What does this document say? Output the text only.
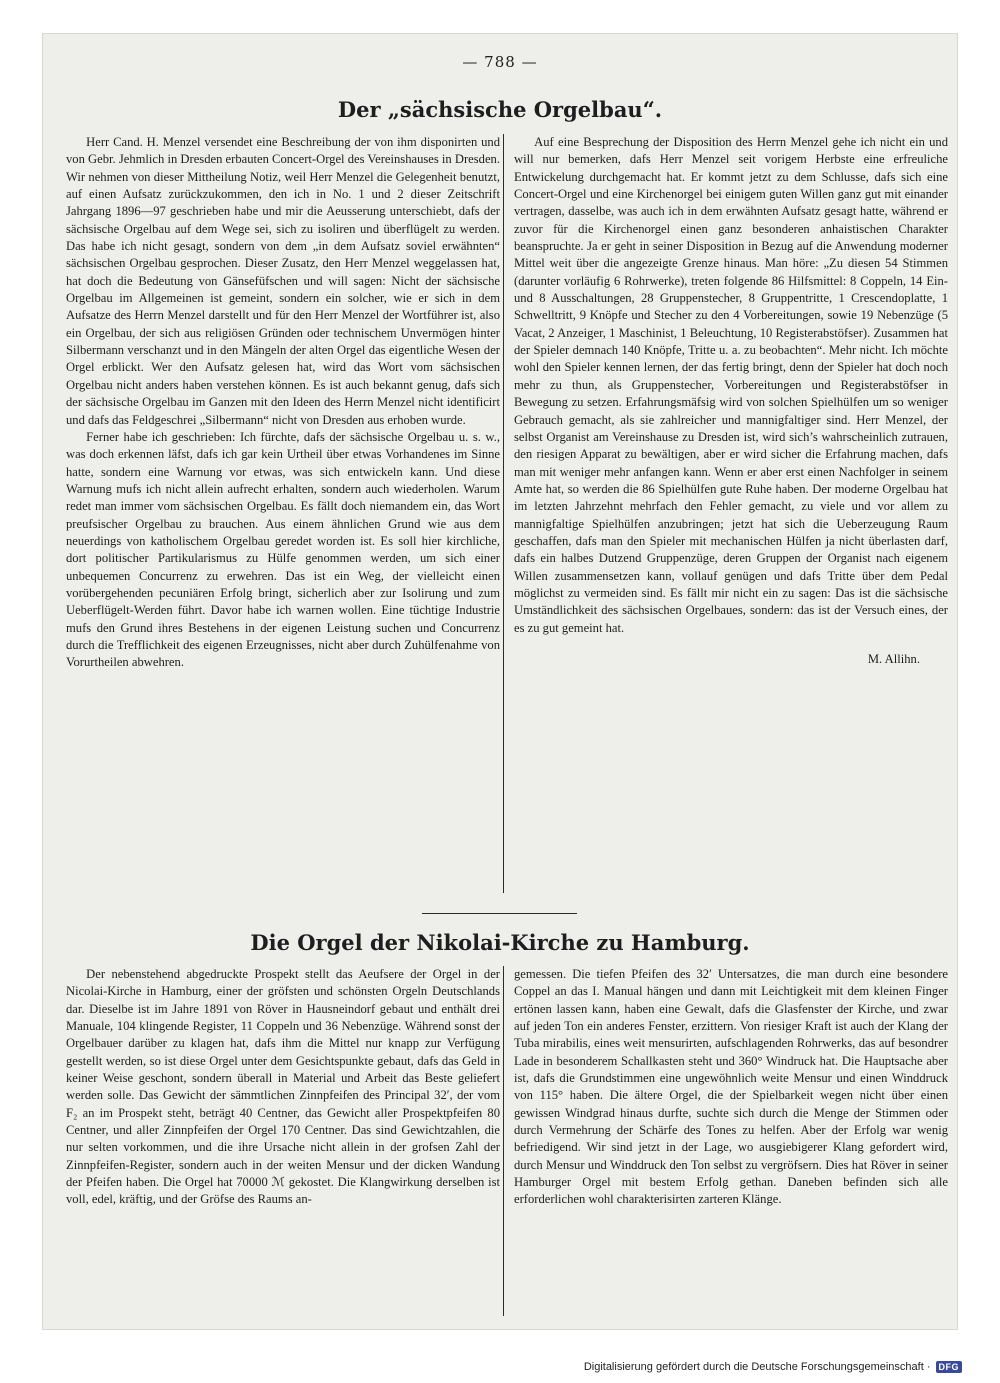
— 788 —
Der „sächsische Orgelbau“.

Herr Cand. H. Menzel versendet eine Beschreibung der von ihm disponirten und von Gebr. Jehmlich in Dresden erbauten Concert-Orgel des Vereinshauses in Dresden. Wir nehmen von dieser Mittheilung Notiz, weil Herr Menzel die Gelegenheit benutzt, auf einen Aufsatz zurückzukommen, den ich in No. 1 und 2 dieser Zeitschrift Jahrgang 1896—97 geschrieben habe und mir die Aeusserung unterschiebt, dafs der sächsische Orgelbau auf dem Wege sei, sich zu isoliren und überflügelt zu werden. Das habe ich nicht gesagt, sondern von dem „in dem Aufsatz soviel erwähnten“ sächsischen Orgelbau gesprochen. Dieser Zusatz, den Herr Menzel weggelassen hat, hat doch die Bedeutung von Gänsefüfschen und will sagen: Nicht der sächsische Orgelbau im Allgemeinen ist gemeint, sondern ein solcher, wie er sich in dem Aufsatze des Herrn Menzel darstellt und für den Herr Menzel der Wortführer ist, also ein Orgelbau, der sich aus religiösen Gründen oder technischem Unvermögen hinter Silbermann verschanzt und in den Mängeln der alten Orgel das eigentliche Wesen der Orgel erblickt. Wer den Aufsatz gelesen hat, wird das Wort vom sächsischen Orgelbau nicht anders haben verstehen können. Es ist auch bekannt genug, dafs sich der sächsische Orgelbau im Ganzen mit den Ideen des Herrn Menzel nicht identificirt und dafs das Feldgeschrei „Silbermann“ nicht von Dresden aus erhoben wurde.

Ferner habe ich geschrieben: Ich fürchte, dafs der sächsische Orgelbau u. s. w., was doch erkennen läfst, dafs ich gar kein Urtheil über etwas Vorhandenes im Sinne hatte, sondern eine Warnung vor etwas, was sich entwickeln kann. Und diese Warnung mufs ich nicht allein aufrecht erhalten, sondern auch wiederholen. Warum redet man immer vom sächsischen Orgelbau. Es fällt doch niemandem ein, das Wort preufsischer Orgelbau zu brauchen. Aus einem ähnlichen Grund wie aus dem neuerdings von katholischem Orgelbau geredet worden ist. Es soll hier kirchliche, dort politischer Partikularismus zu Hülfe genommen werden, um sich einer unbequemen Concurrenz zu erwehren. Das ist ein Weg, der vielleicht einen vorübergehenden pecuniären Erfolg bringt, sicherlich aber zur Isolirung und zum Ueberflügelt-Werden führt. Davor habe ich warnen wollen. Eine tüchtige Industrie mufs den Grund ihres Bestehens in der eigenen Leistung suchen und Concurrenz durch die Trefflichkeit des eigenen Erzeugnisses, nicht aber durch Zuhülfenahme von Vorurtheilen abwehren.

Auf eine Besprechung der Disposition des Herrn Menzel gehe ich nicht ein und will nur bemerken, dafs Herr Menzel seit vorigem Herbste eine erfreuliche Entwickelung durchgemacht hat. Er kommt jetzt zu dem Schlusse, dafs sich eine Concert-Orgel und eine Kirchenorgel bei einigem guten Willen ganz gut mit einander vertragen, dasselbe, was auch ich in dem erwähnten Aufsatz gesagt hatte, während er zuvor für die Kirchenorgel einen ganz besonderen anhaistischen Charakter beanspruchte. Ja er geht in seiner Disposition in Bezug auf die Anwendung moderner Mittel weit über die angezeigte Grenze hinaus. Man höre: „Zu diesen 54 Stimmen (darunter vorläufig 6 Rohrwerke), treten folgende 86 Hilfsmittel: 8 Coppeln, 14 Ein- und 8 Ausschaltungen, 28 Gruppenstecher, 8 Gruppentritte, 1 Crescendoplatte, 1 Schwelltritt, 9 Knöpfe und Stecher zu den 4 Vorbereitungen, sowie 19 Nebenzüge (5 Vacat, 2 Anzeiger, 1 Maschinist, 1 Beleuchtung, 10 Registerabstöfser). Zusammen hat der Spieler demnach 140 Knöpfe, Tritte u. a. zu beobachten“. Mehr nicht. Ich möchte wohl den Spieler kennen lernen, der das fertig bringt, denn der Spieler hat doch noch mehr zu thun, als Gruppenstecher, Vorbereitungen und Registerabstöfser in Bewegung zu setzen. Erfahrungsmäfsig wird von solchen Spielhülfen um so weniger Gebrauch gemacht, als sie zahlreicher und mannigfaltiger sind. Herr Menzel, der selbst Organist am Vereinshause zu Dresden ist, wird sich’s wahrscheinlich zutrauen, den riesigen Apparat zu bewältigen, aber er wird sicher die Erfahrung machen, dafs man mit weniger mehr anfangen kann. Wenn er aber erst einen Nachfolger in seinem Amte hat, so werden die 86 Spielhülfen gute Ruhe haben. Der moderne Orgelbau hat im letzten Jahrzehnt mehrfach den Fehler gemacht, zu viele und vor allem zu mannigfaltige Spielhülfen anzubringen; jetzt hat sich die Ueberzeugung Raum geschaffen, dafs man den Spieler mit mechanischen Hülfen ja nicht überlasten darf, dafs ein halbes Dutzend Gruppenzüge, deren Gruppen der Organist nach eigenem Willen zusammensetzen kann, vollauf genügen und dafs Tritte über dem Pedal möglichst zu vermeiden sind. Es fällt mir nicht ein zu sagen: Das ist die sächsische Umständlichkeit des sächsischen Orgelbaues, sondern: das ist der Versuch eines, der es zu gut gemeint hat.

M. Allihn.

Die Orgel der Nikolai-Kirche zu Hamburg.

Der nebenstehend abgedruckte Prospekt stellt das Aeufsere der Orgel in der Nicolai-Kirche in Hamburg, einer der gröfsten und schönsten Orgeln Deutschlands dar. Dieselbe ist im Jahre 1891 von Röver in Hausneindorf gebaut und enthält drei Manuale, 104 klingende Register, 11 Coppeln und 36 Nebenzüge. Während sonst der Orgelbauer darüber zu klagen hat, dafs ihm die Mittel nur knapp zur Verfügung gestellt werden, so ist diese Orgel unter dem Gesichtspunkte gebaut, dafs das Geld in keiner Weise geschont, sondern überall in Material und Arbeit das Beste geliefert werden solle. Das Gewicht der sämmtlichen Zinnpfeifen des Principal 32′, der vom F₂ an im Prospekt steht, beträgt 40 Centner, das Gewicht aller Prospektpfeifen 80 Centner, und aller Zinnpfeifen der Orgel 170 Centner. Das sind Gewichtzahlen, die nur selten vorkommen, und die ihre Ursache nicht allein in der grofsen Zahl der Zinnpfeifen-Register, sondern auch in der weiten Mensur und der dicken Wandung der Pfeifen haben. Die Orgel hat 70000 ℳ gekostet. Die Klangwirkung derselben ist voll, edel, kräftig, und der Gröfse des Raums an-

gemessen. Die tiefen Pfeifen des 32′ Untersatzes, die man durch eine besondere Coppel an das I. Manual hängen und dann mit Leichtigkeit mit dem kleinen Finger ertönen lassen kann, haben eine Gewalt, dafs die Glasfenster der Kirche, und zwar auf jeden Ton ein anderes Fenster, erzittern. Von riesiger Kraft ist auch der Klang der Tuba mirabilis, eines weit mensurirten, aufschlagenden Rohrwerks, das auf besondrer Lade in besonderem Schallkasten steht und 360° Windruck hat. Die Hauptsache aber ist, dafs die Grundstimmen eine ungewöhnlich weite Mensur und einen Winddruck von 115° haben. Die ältere Orgel, die der Spielbarkeit wegen nicht über einen gewissen Windgrad hinaus durfte, suchte sich durch die Menge der Stimmen oder durch Vermehrung der Schärfe des Tones zu helfen. Aber der Erfolg war wenig befriedigend. Wir sind jetzt in der Lage, wo ausgiebigerer Klang gefordert wird, durch Mensur und Winddruck den Ton selbst zu vergröfsern. Dies hat Röver in seiner Hamburger Orgel mit bestem Erfolg gethan. Daneben befinden sich alle erforderlichen wohl charakterisirten zarteren Klänge.

Digitalisierung gefördert durch die Deutsche Forschungsgemeinschaft · DFG
